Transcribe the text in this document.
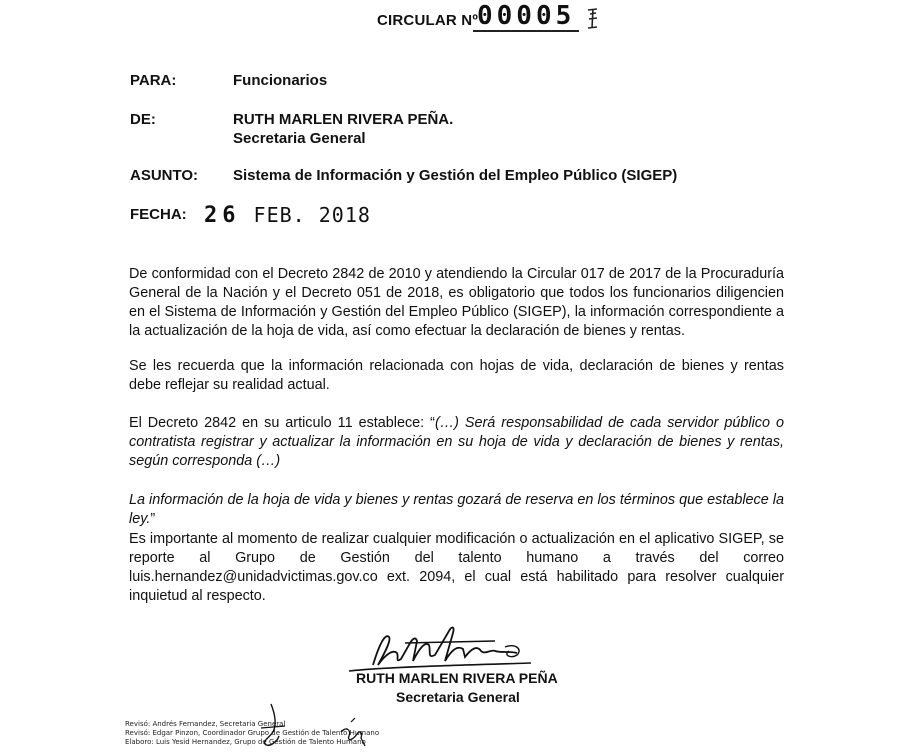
CIRCULAR Nº
00005
PARA:	Funcionarios
DE:	RUTH MARLEN RIVERA PEÑA.
Secretaria General
ASUNTO: Sistema de Información y Gestión del Empleo Público (SIGEP)
FECHA: 26 FEB. 2018
De conformidad con el Decreto 2842 de 2010 y atendiendo la Circular 017 de 2017 de la Procuraduría General de la Nación y el Decreto 051 de 2018, es obligatorio que todos los funcionarios diligencien en el Sistema de Información y Gestión del Empleo Público (SIGEP), la información correspondiente a la actualización de la hoja de vida, así como efectuar la declaración de bienes y rentas.
Se les recuerda que la información relacionada con hojas de vida, declaración de bienes y rentas debe reflejar su realidad actual.
El Decreto 2842 en su articulo 11 establece: “(…) Será responsabilidad de cada servidor público o contratista registrar y actualizar la información en su hoja de vida y declaración de bienes y rentas, según corresponda (…)
La información de la hoja de vida y bienes y rentas gozará de reserva en los términos que establece la ley.”
Es importante al momento de realizar cualquier modificación o actualización en el aplicativo SIGEP, se reporte al Grupo de Gestión del talento humano a través del correo luis.hernandez@unidadvictimas.gov.co ext. 2094, el cual está habilitado para resolver cualquier inquietud al respecto.
RUTH MARLEN RIVERA PEÑA
Secretaria General
Revisó: Andrés Fernandez, Secretaria General
Revisó: Edgar Pinzon, Coordinador Grupo de Gestión de Talento Humano
Elaboro: Luis Yesid Hernandez, Grupo de Gestión de Talento Humano
